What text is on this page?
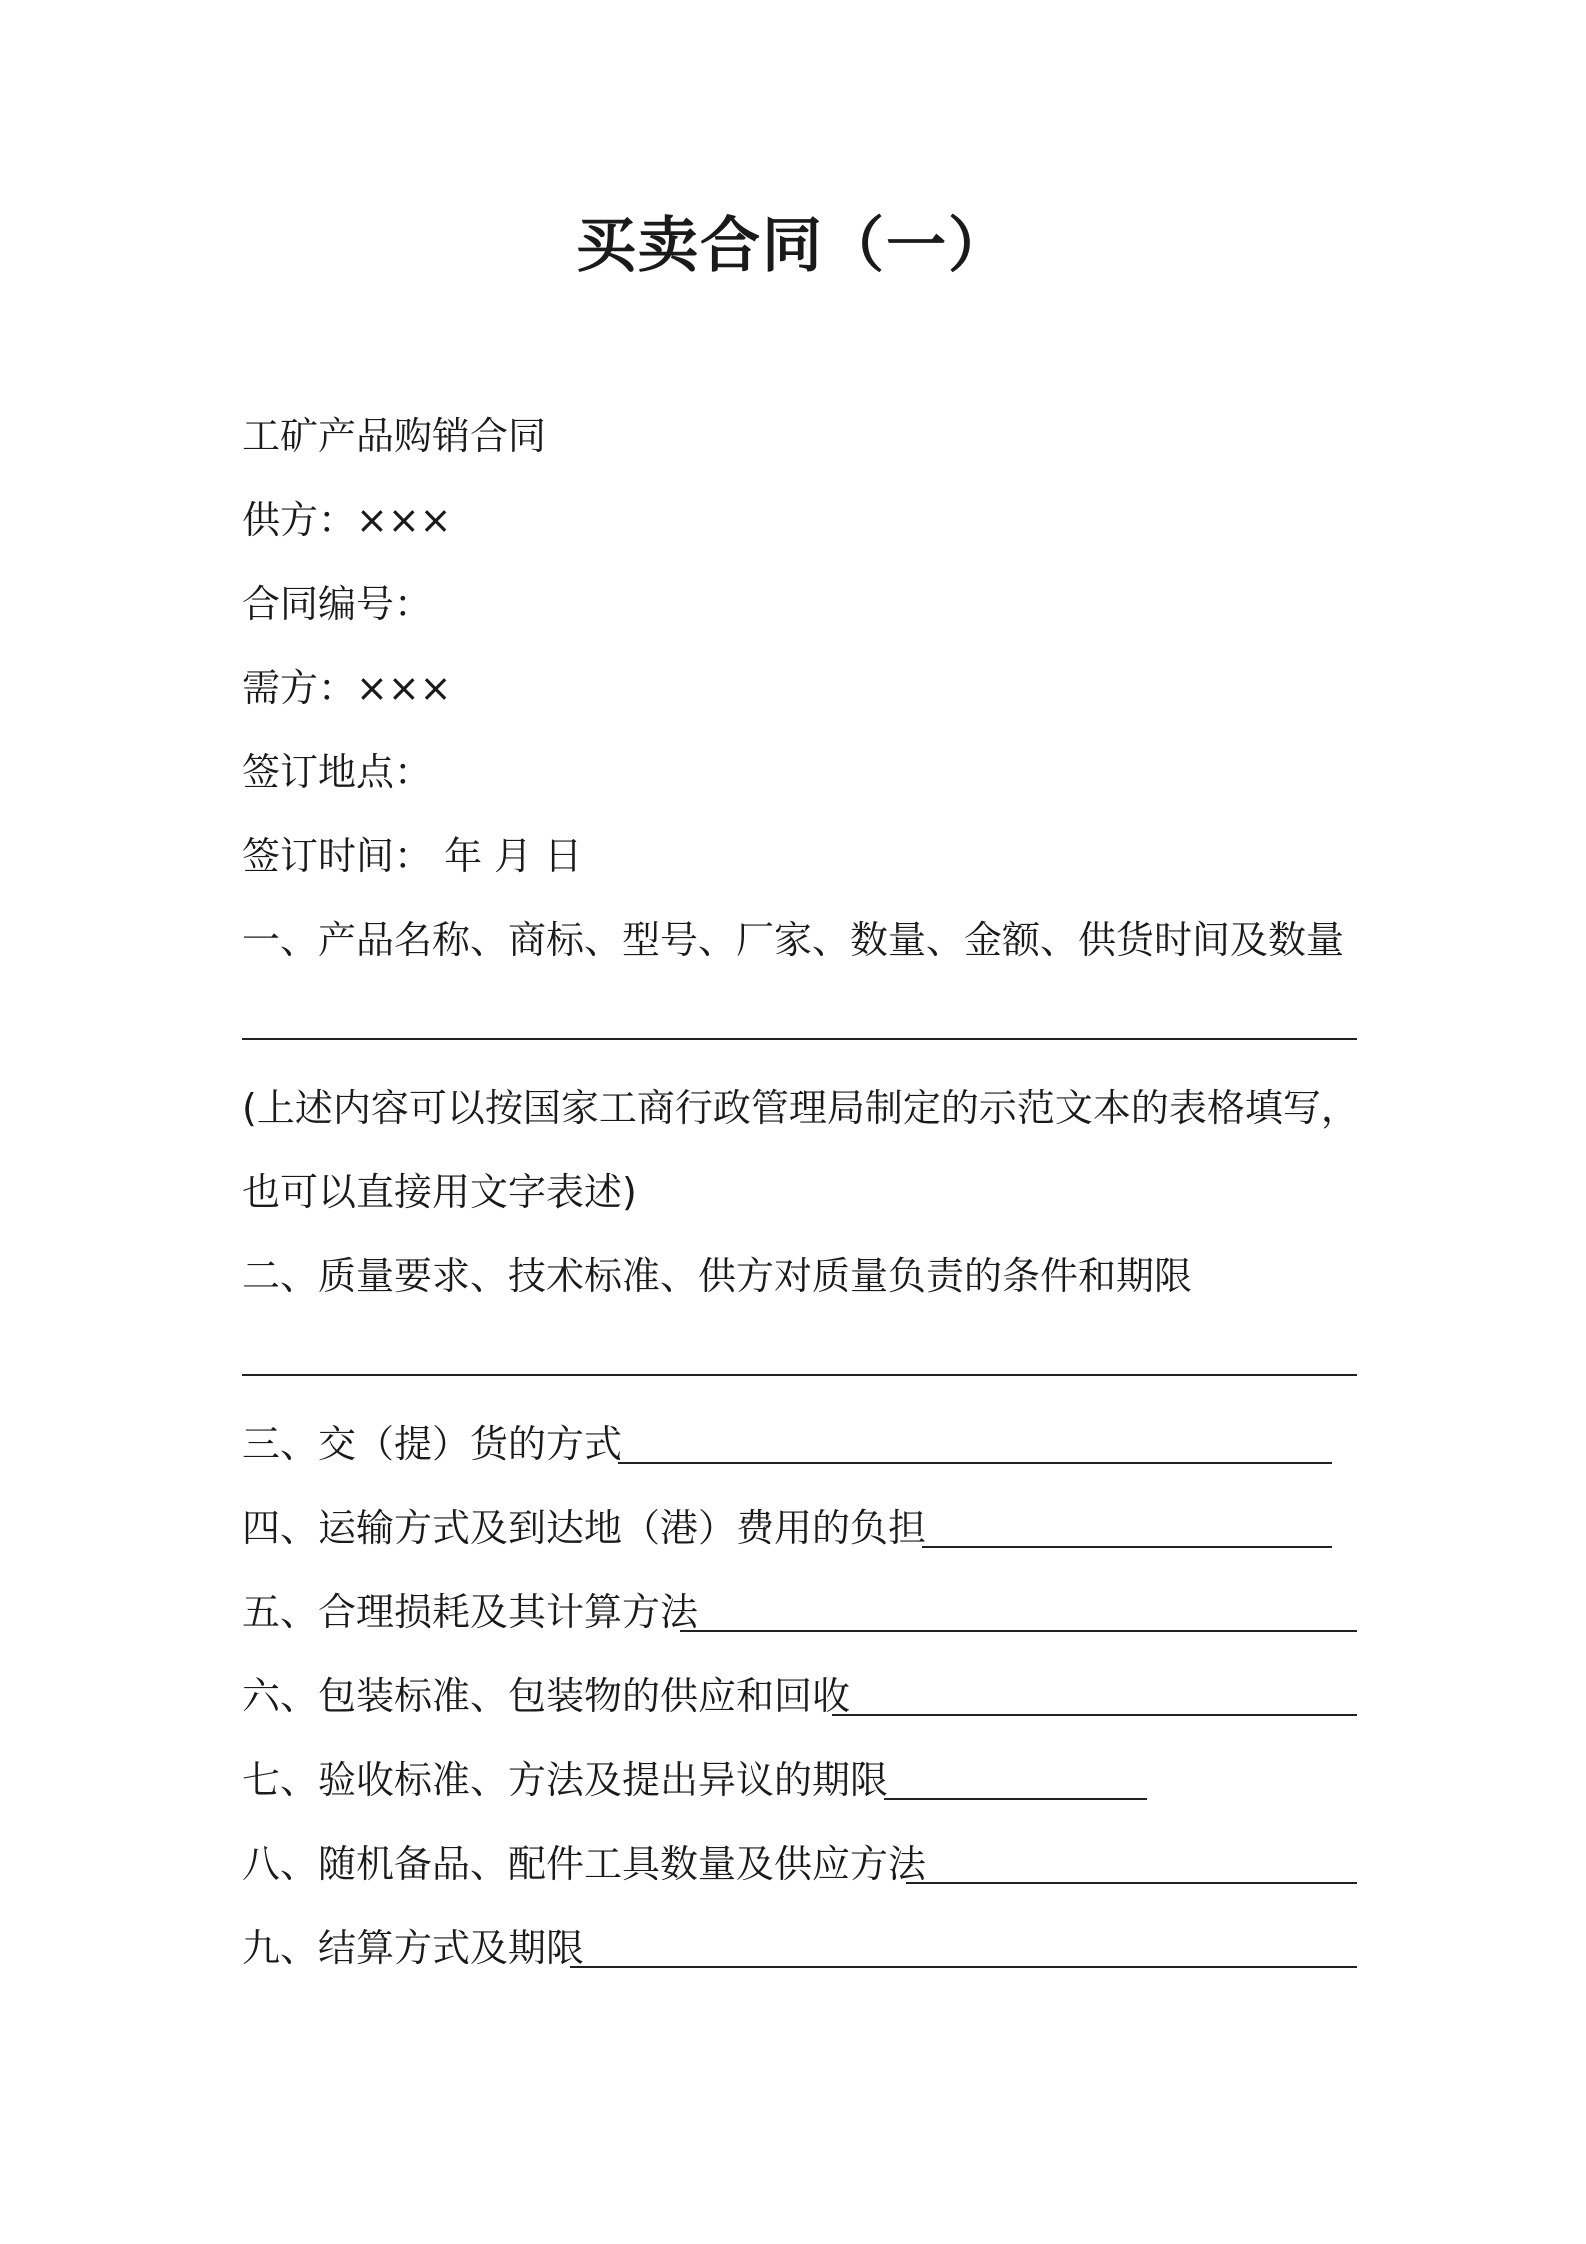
买卖合同（一）
工矿产品购销合同
供方：×××
合同编号：
需方：×××
签订地点：
签订时间： 年 月 日
一、产品名称、商标、型号、厂家、数量、金额、供货时间及数量
(上述内容可以按国家工商行政管理局制定的示范文本的表格填写，
也可以直接用文字表述)
二、质量要求、技术标准、供方对质量负责的条件和期限
三、交（提）货的方式
四、运输方式及到达地（港）费用的负担
五、合理损耗及其计算方法
六、包装标准、包装物的供应和回收
七、验收标准、方法及提出异议的期限
八、随机备品、配件工具数量及供应方法
九、结算方式及期限
